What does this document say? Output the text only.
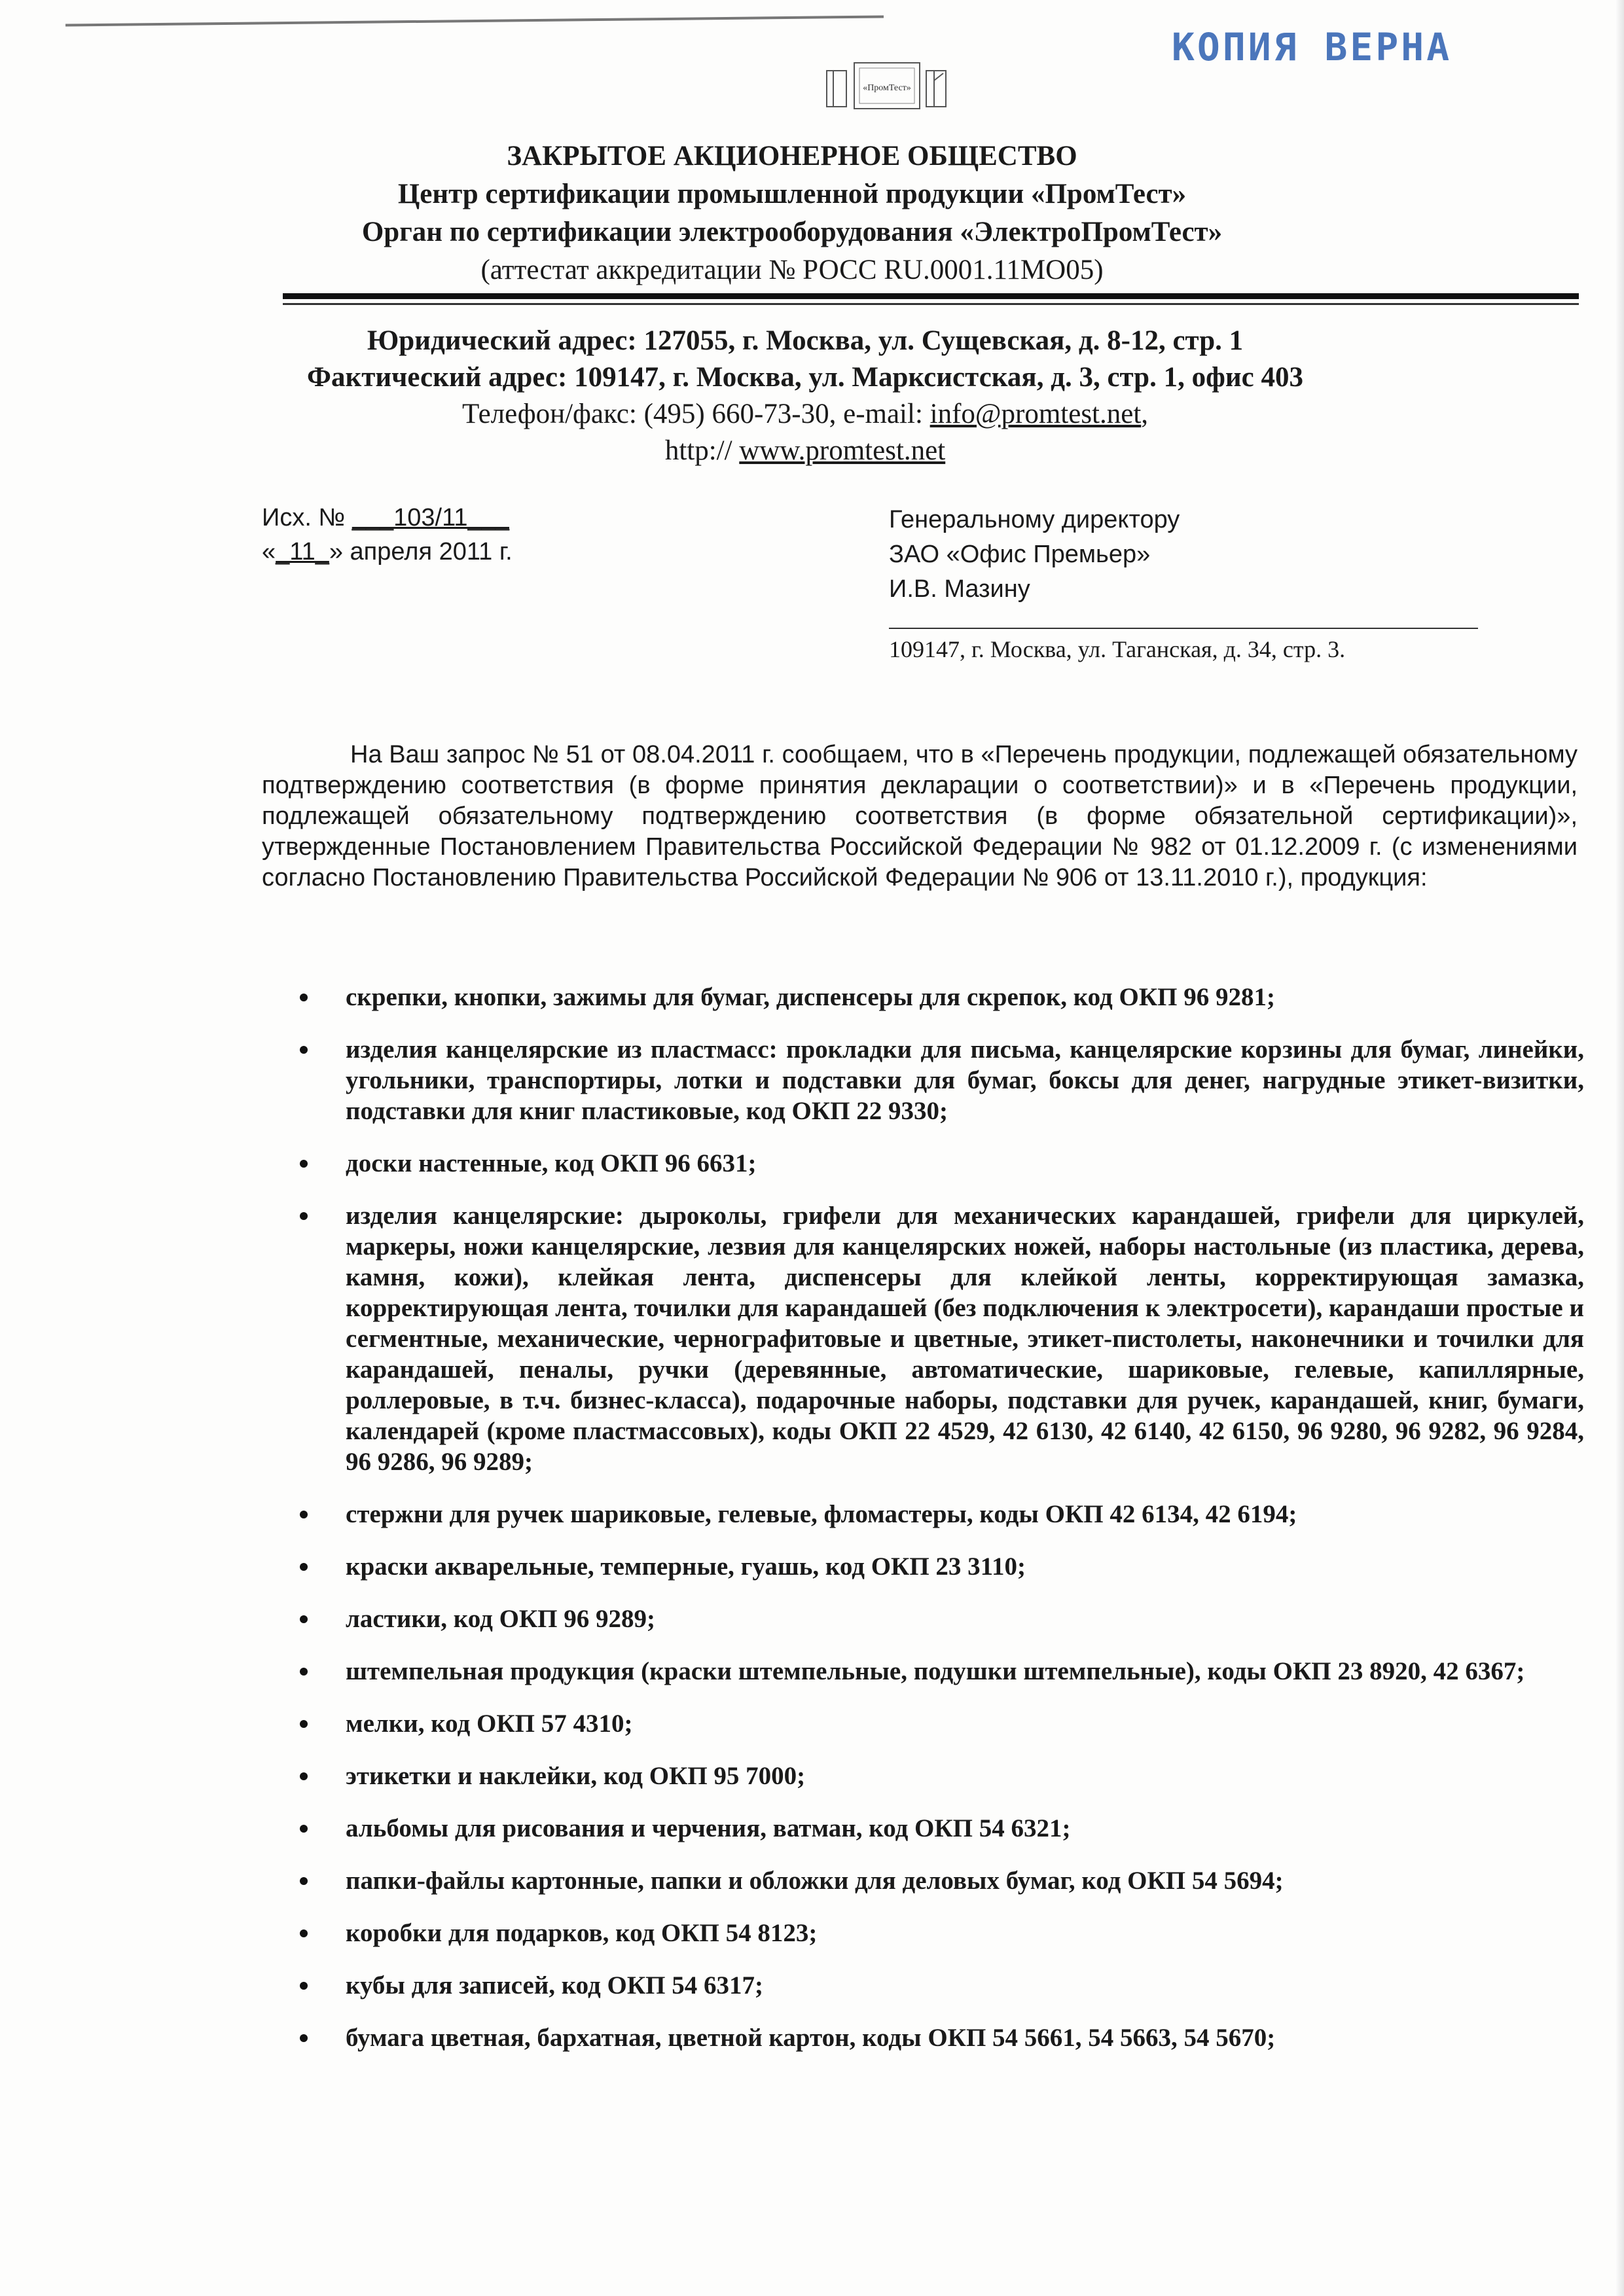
КОПИЯ ВЕРНА
«ПромТест»
ЗАКРЫТОЕ АКЦИОНЕРНОЕ ОБЩЕСТВО
Центр сертификации промышленной продукции «ПромТест»
Орган по сертификации электрооборудования «ЭлектроПромТест»
(аттестат аккредитации № РОСС RU.0001.11МО05)
Юридический адрес: 127055, г. Москва, ул. Сущевская, д. 8-12, стр. 1
Фактический адрес: 109147, г. Москва, ул. Марксистская, д. 3, стр. 1, офис 403
Телефон/факс: (495) 660-73-30, e-mail: info@promtest.net,
http:// www.promtest.net
Исх. № ___103/11___
«_11_» апреля 2011 г.
Генеральному директору
ЗАО «Офис Премьер»
И.В. Мазину
109147, г. Москва, ул. Таганская, д. 34, стр. 3.
На Ваш запрос № 51 от 08.04.2011 г. сообщаем, что в «Перечень продукции, подлежащей обязательному подтверждению соответствия (в форме принятия декларации о соответствии)» и в «Перечень продукции, подлежащей обязательному подтверждению соответствия (в форме обязательной сертификации)», утвержденные Постановлением Правительства Российской Федерации № 982 от 01.12.2009 г. (с изменениями согласно Постановлению Правительства Российской Федерации № 906 от 13.11.2010 г.), продукция:
скрепки, кнопки, зажимы для бумаг, диспенсеры для скрепок, код ОКП 96 9281;
изделия канцелярские из пластмасс: прокладки для письма, канцелярские корзины для бумаг, линейки, угольники, транспортиры, лотки и подставки для бумаг, боксы для денег, нагрудные этикет-визитки, подставки для книг пластиковые, код ОКП 22 9330;
доски настенные, код ОКП 96 6631;
изделия канцелярские: дыроколы, грифели для механических карандашей, грифели для циркулей, маркеры, ножи канцелярские, лезвия для канцелярских ножей, наборы настольные (из пластика, дерева, камня, кожи), клейкая лента, диспенсеры для клейкой ленты, корректирующая замазка, корректирующая лента, точилки для карандашей (без подключения к электросети), карандаши простые и сегментные, механические, чернографитовые и цветные, этикет-пистолеты, наконечники и точилки для карандашей, пеналы, ручки (деревянные, автоматические, шариковые, гелевые, капиллярные, роллеровые, в т.ч. бизнес-класса), подарочные наборы, подставки для ручек, карандашей, книг, бумаги, календарей (кроме пластмассовых), коды ОКП 22 4529, 42 6130, 42 6140, 42 6150, 96 9280, 96 9282, 96 9284, 96 9286, 96 9289;
стержни для ручек шариковые, гелевые, фломастеры, коды ОКП 42 6134, 42 6194;
краски акварельные, темперные, гуашь, код ОКП 23 3110;
ластики, код ОКП 96 9289;
штемпельная продукция (краски штемпельные, подушки штемпельные), коды ОКП 23 8920, 42 6367;
мелки, код ОКП 57 4310;
этикетки и наклейки, код ОКП 95 7000;
альбомы для рисования и черчения, ватман, код ОКП 54 6321;
папки-файлы картонные, папки и обложки для деловых бумаг, код ОКП 54 5694;
коробки для подарков, код ОКП 54 8123;
кубы для записей, код ОКП 54 6317;
бумага цветная, бархатная, цветной картон, коды ОКП 54 5661, 54 5663, 54 5670;
